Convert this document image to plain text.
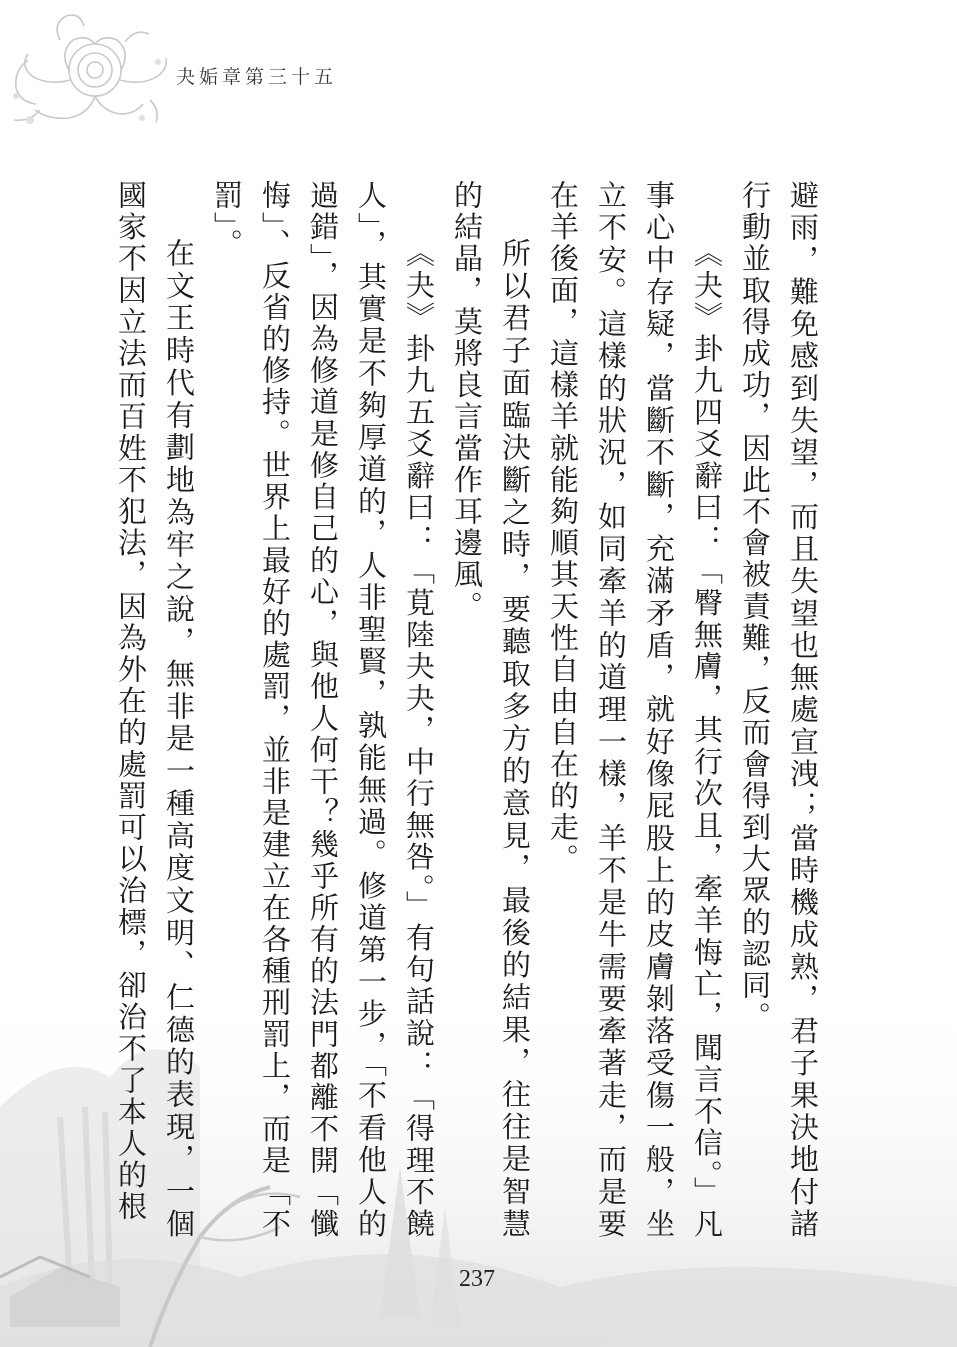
夬姤章第三十五

避雨，難免感到失望，而且失望也無處宣洩；當時機成熟，君子果決地付諸行動並取得成功，因此不會被責難，反而會得到大眾的認同。

《夬》卦九四爻辭曰：「臀無膚，其行次且，牽羊悔亡，聞言不信。」凡事心中存疑，當斷不斷，充滿矛盾，就好像屁股上的皮膚剝落受傷一般，坐立不安。這樣的狀況，如同牽羊的道理一樣，羊不是牛需要牽著走，而是要在羊後面，這樣羊就能夠順其天性自由自在的走。

所以君子面臨決斷之時，要聽取多方的意見，最後的結果，往往是智慧的結晶，莫將良言當作耳邊風。

《夬》卦九五爻辭曰：「莧陸夬夬，中行無咎。」有句話說：「得理不饒人」，其實是不夠厚道的，人非聖賢，孰能無過。修道第一步，「不看他人的過錯」，因為修道是修自己的心，與他人何干？幾乎所有的法門都離不開「懺悔」、反省的修持。世界上最好的處罰，並非是建立在各種刑罰上，而是「不罰」。

在文王時代有劃地為牢之說，無非是一種高度文明、仁德的表現，一個國家不因立法而百姓不犯法，因為外在的處罰可以治標，卻治不了本人的根

237
